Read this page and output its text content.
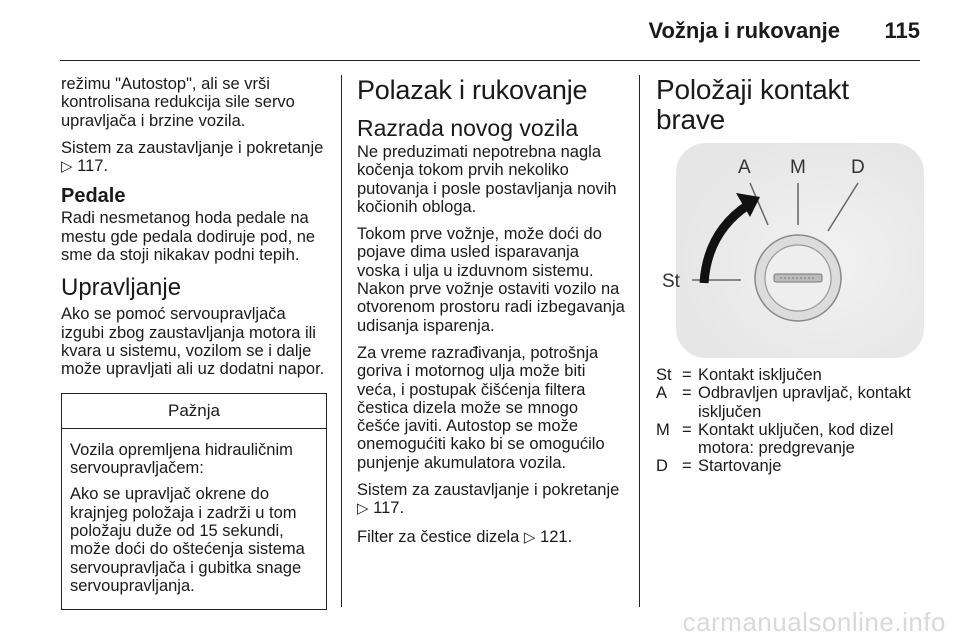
Vožnja i rukovanje 115

režimu "Autostop", ali se vrši kontrolisana redukcija sile servo upravljača i brzine vozila.

Sistem za zaustavljanje i pokretanje
▷ 117.

Pedale

Radi nesmetanog hoda pedale na mestu gde pedala dodiruje pod, ne sme da stoji nikakav podni tepih.

Upravljanje

Ako se pomoć servoupravljača izgubi zbog zaustavljanja motora ili kvara u sistemu, vozilom se i dalje može upravljati ali uz dodatni napor.

Pažnja

Vozila opremljena hidrauličnim servoupravljačem:

Ako se upravljač okrene do krajnjeg položaja i zadrži u tom položaju duže od 15 sekundi, može doći do oštećenja sistema servoupravljača i gubitka snage servoupravljanja.

Polazak i rukovanje
Razrada novog vozila

Ne preduzimati nepotrebna nagla kočenja tokom prvih nekoliko putovanja i posle postavljanja novih kočionih obloga.

Tokom prve vožnje, može doći do pojave dima usled isparavanja voska i ulja u izduvnom sistemu. Nakon prve vožnje ostaviti vozilo na otvorenom prostoru radi izbegavanja udisanja isparenja.

Za vreme razrađivanja, potrošnja goriva i motornog ulja može biti veća, i postupak čišćenja filtera čestica dizela može se mnogo češće javiti. Autostop se može onemogućiti kako bi se omogućilo punjenje akumulatora vozila.

Sistem za zaustavljanje i pokretanje
▷ 117.

Filter za čestice dizela ▷ 121.

Položaji kontakt brave
A M D
St
St = Kontakt isključen
A = Odbravljen upravljač, kontakt isključen
M = Kontakt uključen, kod dizel motora: predgrevanje
D = Startovanje
carmanualsonline.info
